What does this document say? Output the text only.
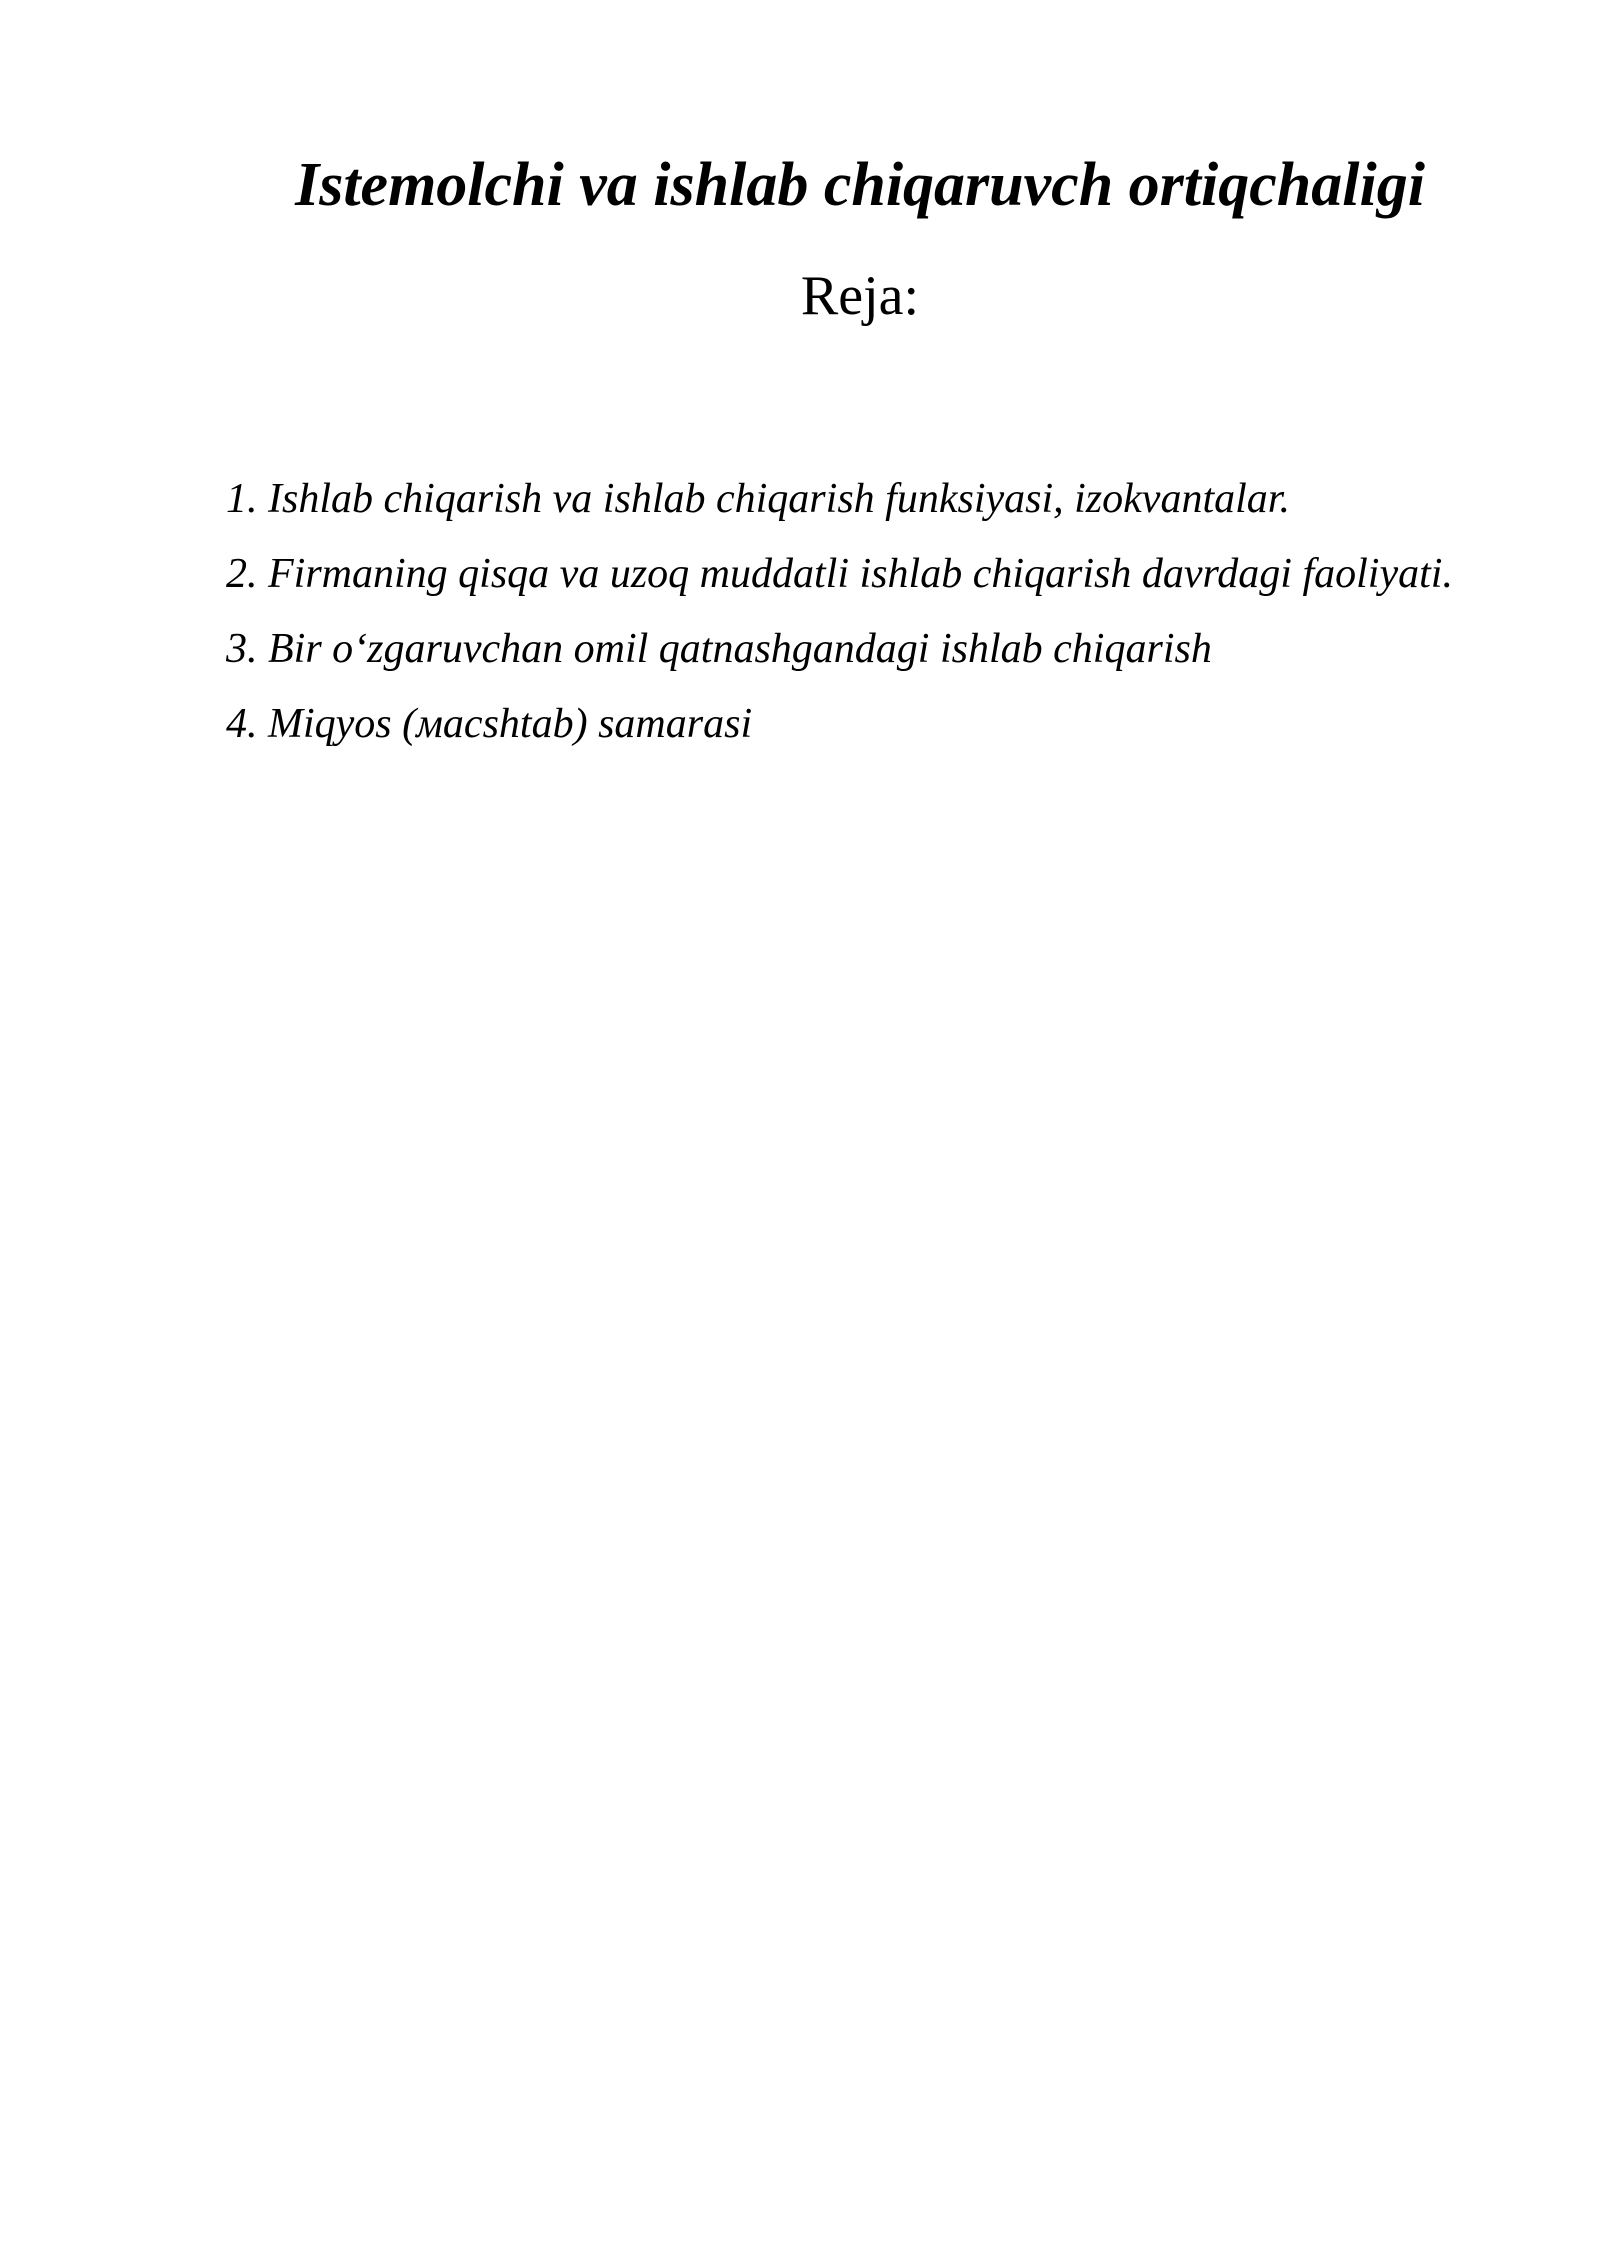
Istemolchi va ishlab chiqaruvch ortiqchaligi
Reja:
1. Ishlab chiqarish va ishlab chiqarish funksiyasi, izokvantalar.
2. Firmaning qisqa va uzoq muddatli ishlab chiqarish davrdagi faoliyati.
3. Bir o‘zgaruvchan omil qatnashgandagi ishlab chiqarish
4. Miqyos (масshtab) samarasi
